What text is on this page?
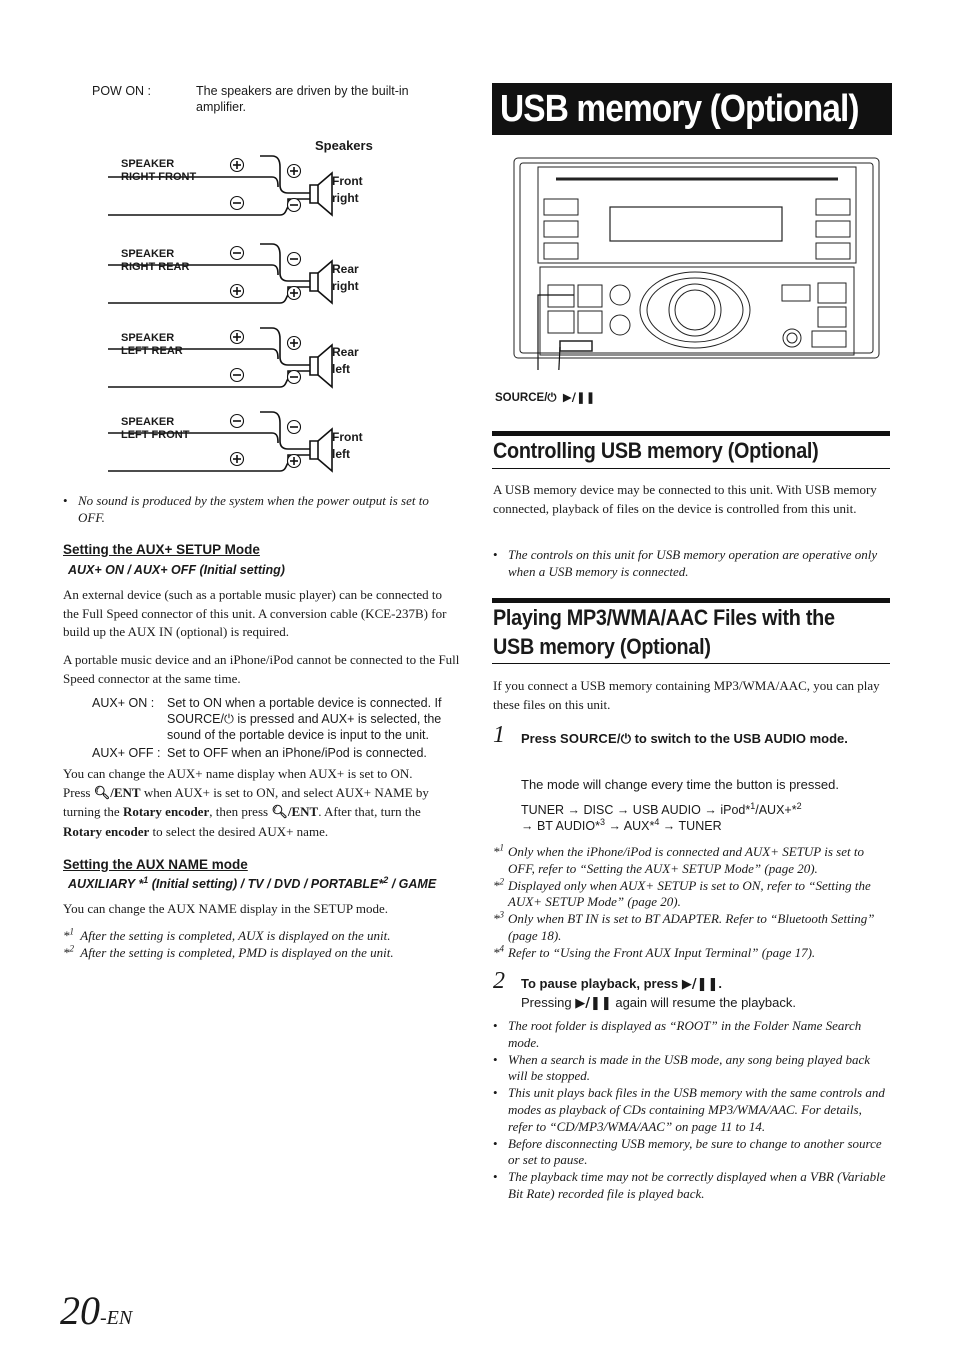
POW ON :	The speakers are driven by the built-in amplifier.
Speakers
SPEAKER
RIGHT FRONT	Front
right
SPEAKER
RIGHT REAR	Rear
right
SPEAKER
LEFT REAR	Rear
left
SPEAKER
LEFT FRONT	Front
left
• No sound is produced by the system when the power output is set to OFF.
Setting the AUX+ SETUP Mode
AUX+ ON / AUX+ OFF (Initial setting)
An external device (such as a portable music player) can be connected to the Full Speed connector of this unit. A conversion cable (KCE-237B) for build up the AUX IN (optional) is required.
A portable music device and an iPhone/iPod cannot be connected to the Full Speed connector at the same time.
AUX+ ON : Set to ON when a portable device is connected. If
SOURCE/⏻ is pressed and AUX+ is selected, the
sound of the portable device is input to the unit.
AUX+ OFF : Set to OFF when an iPhone/iPod is connected.
You can change the AUX+ name display when AUX+ is set to ON.
Press 🔍︎/ENT when AUX+ is set to ON, and select AUX+ NAME by
turning the Rotary encoder, then press 🔍︎/ENT. After that, turn the
Rotary encoder to select the desired AUX+ name.
Setting the AUX NAME mode
AUXILIARY *$^1$ (Initial setting) / TV / DVD / PORTABLE*$^2$ / GAME
You can change the AUX NAME display in the SETUP mode.
*$^1$ After the setting is completed, AUX is displayed on the unit.
*$^2$ After the setting is completed, PMD is displayed on the unit.
20-EN
USB memory (Optional)
SOURCE/⏻ ▶/❚❚
Controlling USB memory (Optional)
A USB memory device may be connected to this unit. With USB memory connected, playback of files on the device is controlled from this unit.
• The controls on this unit for USB memory operation are operative only when a USB memory is connected.
Playing MP3/WMA/AAC Files with the
USB memory (Optional)
If you connect a USB memory containing MP3/WMA/AAC, you can play these files on this unit.
1 Press SOURCE/⏻ to switch to the USB AUDIO mode.
The mode will change every time the button is pressed.
TUNER → DISC → USB AUDIO → iPod*$^1$/AUX+*$^2$
→ BT AUDIO*$^3$ → AUX*$^4$ → TUNER
*$^1$ Only when the iPhone/iPod is connected and AUX+ SETUP is set to OFF, refer to “Setting the AUX+ SETUP Mode” (page 20).
*$^2$ Displayed only when AUX+ SETUP is set to ON, refer to “Setting the AUX+ SETUP Mode” (page 20).
*$^3$ Only when BT IN is set to BT ADAPTER. Refer to “Bluetooth Setting” (page 18).
*$^4$ Refer to “Using the Front AUX Input Terminal” (page 17).
2 To pause playback, press ▶/❚❚.
Pressing ▶/❚❚ again will resume the playback.
• The root folder is displayed as “ROOT” in the Folder Name Search mode.
• When a search is made in the USB mode, any song being played back will be stopped.
• This unit plays back files in the USB memory with the same controls and modes as playback of CDs containing MP3/WMA/AAC. For details, refer to “CD/MP3/WMA/AAC” on page 11 to 14.
• Before disconnecting USB memory, be sure to change to another source or set to pause.
• The playback time may not be correctly displayed when a VBR (Variable Bit Rate) recorded file is played back.
